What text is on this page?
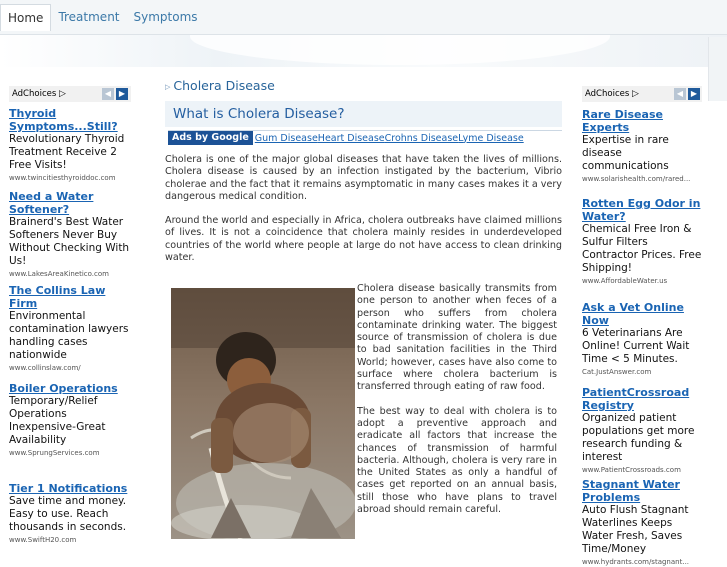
Home	Treatment	Symptoms
AdChoices ▷	◀ ▶
Thyroid Symptoms...Still?
Revolutionary Thyroid Treatment Receive 2 Free Visits!
www.twincitiesthyroiddoc.com
Need a Water Softener?
Brainerd's Best Water Softeners Never Buy Without Checking With Us!
www.LakesAreaKinetico.com
The Collins Law Firm
Environmental contamination lawyers handling cases nationwide
www.collinslaw.com/
Boiler Operations
Temporary/Relief Operations Inexpensive-Great Availability
www.SprungServices.com
Tier 1 Notifications
Save time and money. Easy to use. Reach thousands in seconds.
www.SwiftH20.com
AdChoices ▷	◀ ▶
Rare Disease Experts
Expertise in rare disease communications
www.solarishealth.com/rared...
Rotten Egg Odor in Water?
Chemical Free Iron & Sulfur Filters Contractor Prices. Free Shipping!
www.AffordableWater.us
Ask a Vet Online Now
6 Veterinarians Are Online! Current Wait Time < 5 Minutes.
Cat.JustAnswer.com
PatientCrossroad Registry
Organized patient populations get more research funding & interest
www.PatientCrossroads.com
Stagnant Water Problems
Auto Flush Stagnant Waterlines Keeps Water Fresh, Saves Time/Money
www.hydrants.com/stagnant...
▷ Cholera Disease
What is Cholera Disease?
Ads by Google Gum Disease Heart Disease Crohns Disease Lyme Disease
Cholera is one of the major global diseases that have taken the lives of millions. Cholera disease is caused by an infection instigated by the bacterium, Vibrio cholerae and the fact that it remains asymptomatic in many cases makes it a very dangerous medical condition.
Around the world and especially in Africa, cholera outbreaks have claimed millions of lives. It is not a coincidence that cholera mainly resides in underdeveloped countries of the world where people at large do not have access to clean drinking water.

Cholera disease basically transmits from one person to another when feces of a person who suffers from cholera contaminate drinking water. The biggest source of transmission of cholera is due to bad sanitation facilities in the Third World; however, cases have also come to surface where cholera bacterium is transferred through eating of raw food.

The best way to deal with cholera is to adopt a preventive approach and eradicate all factors that increase the chances of transmission of harmful bacteria. Although, cholera is very rare in the United States as only a handful of cases get reported on an annual basis, still those who have plans to travel abroad should remain careful.
